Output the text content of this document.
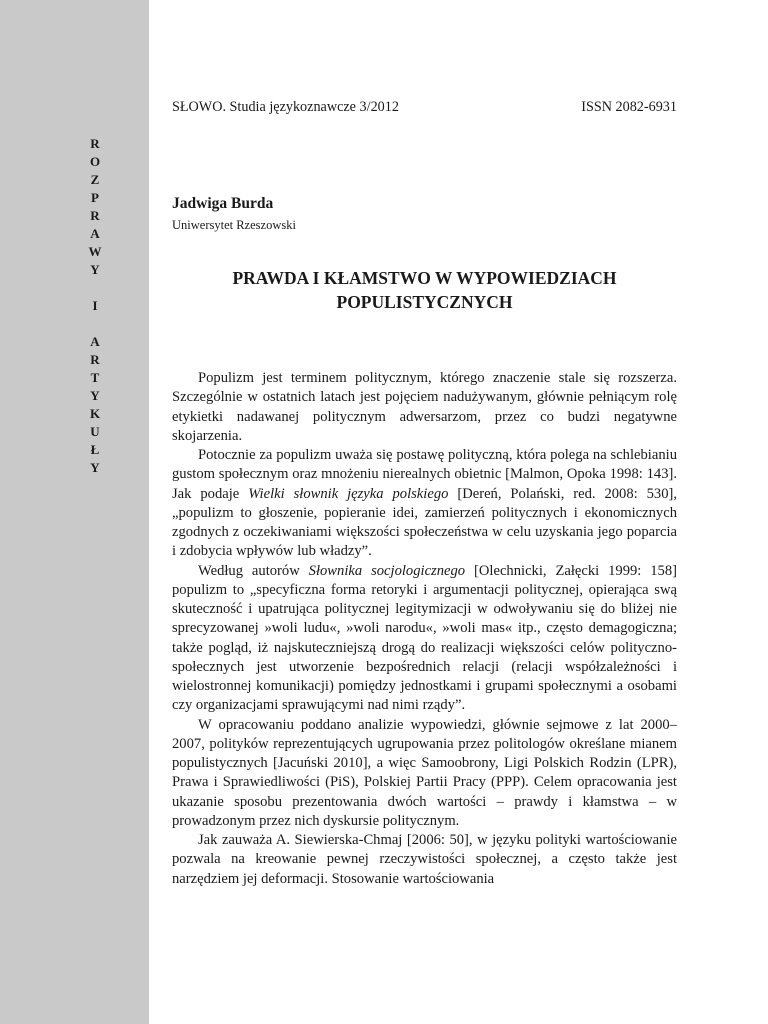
R
O
Z
P
R
A
W
Y
I
A
R
T
Y
K
U
Ł
Y
SŁOWO. Studia językoznawcze 3/2012	ISSN 2082-6931
Jadwiga Burda
Uniwersytet Rzeszowski
PRAWDA I KŁAMSTWO W WYPOWIEDZIACH
POPULISTYCZNYCH

Populizm jest terminem politycznym, którego znaczenie stale się rozszerza. Szczególnie w ostatnich latach jest pojęciem nadużywanym, głównie pełniącym rolę etykietki nadawanej politycznym adwersarzom, przez co budzi negatywne skojarzenia.

Potocznie za populizm uważa się postawę polityczną, która polega na schlebianiu gustom społecznym oraz mnożeniu nierealnych obietnic [Malmon, Opoka 1998: 143]. Jak podaje Wielki słownik języka polskiego [Dereń, Polański, red. 2008: 530], „populizm to głoszenie, popieranie idei, zamierzeń politycznych i ekonomicznych zgodnych z oczekiwaniami większości społeczeństwa w celu uzyskania jego poparcia i zdobycia wpływów lub władzy”.

Według autorów Słownika socjologicznego [Olechnicki, Załęcki 1999: 158] populizm to „specyficzna forma retoryki i argumentacji politycznej, opierająca swą skuteczność i upatrująca politycznej legitymizacji w odwoływaniu się do bliżej nie sprecyzowanej »woli ludu«, »woli narodu«, »woli mas« itp., często demagogiczna; także pogląd, iż najskuteczniejszą drogą do realizacji większości celów polityczno-społecznych jest utworzenie bezpośrednich relacji (relacji współzależności i wielostronnej komunikacji) pomiędzy jednostkami i grupami społecznymi a osobami czy organizacjami sprawującymi nad nimi rządy”.

W opracowaniu poddano analizie wypowiedzi, głównie sejmowe z lat 2000–2007, polityków reprezentujących ugrupowania przez politologów określane mianem populistycznych [Jacuński 2010], a więc Samoobrony, Ligi Polskich Rodzin (LPR), Prawa i Sprawiedliwości (PiS), Polskiej Partii Pracy (PPP). Celem opracowania jest ukazanie sposobu prezentowania dwóch wartości – prawdy i kłamstwa – w prowadzonym przez nich dyskursie politycznym.

Jak zauważa A. Siewierska-Chmaj [2006: 50], w języku polityki wartościowanie pozwala na kreowanie pewnej rzeczywistości społecznej, a często także jest narzędziem jej deformacji. Stosowanie wartościowania
